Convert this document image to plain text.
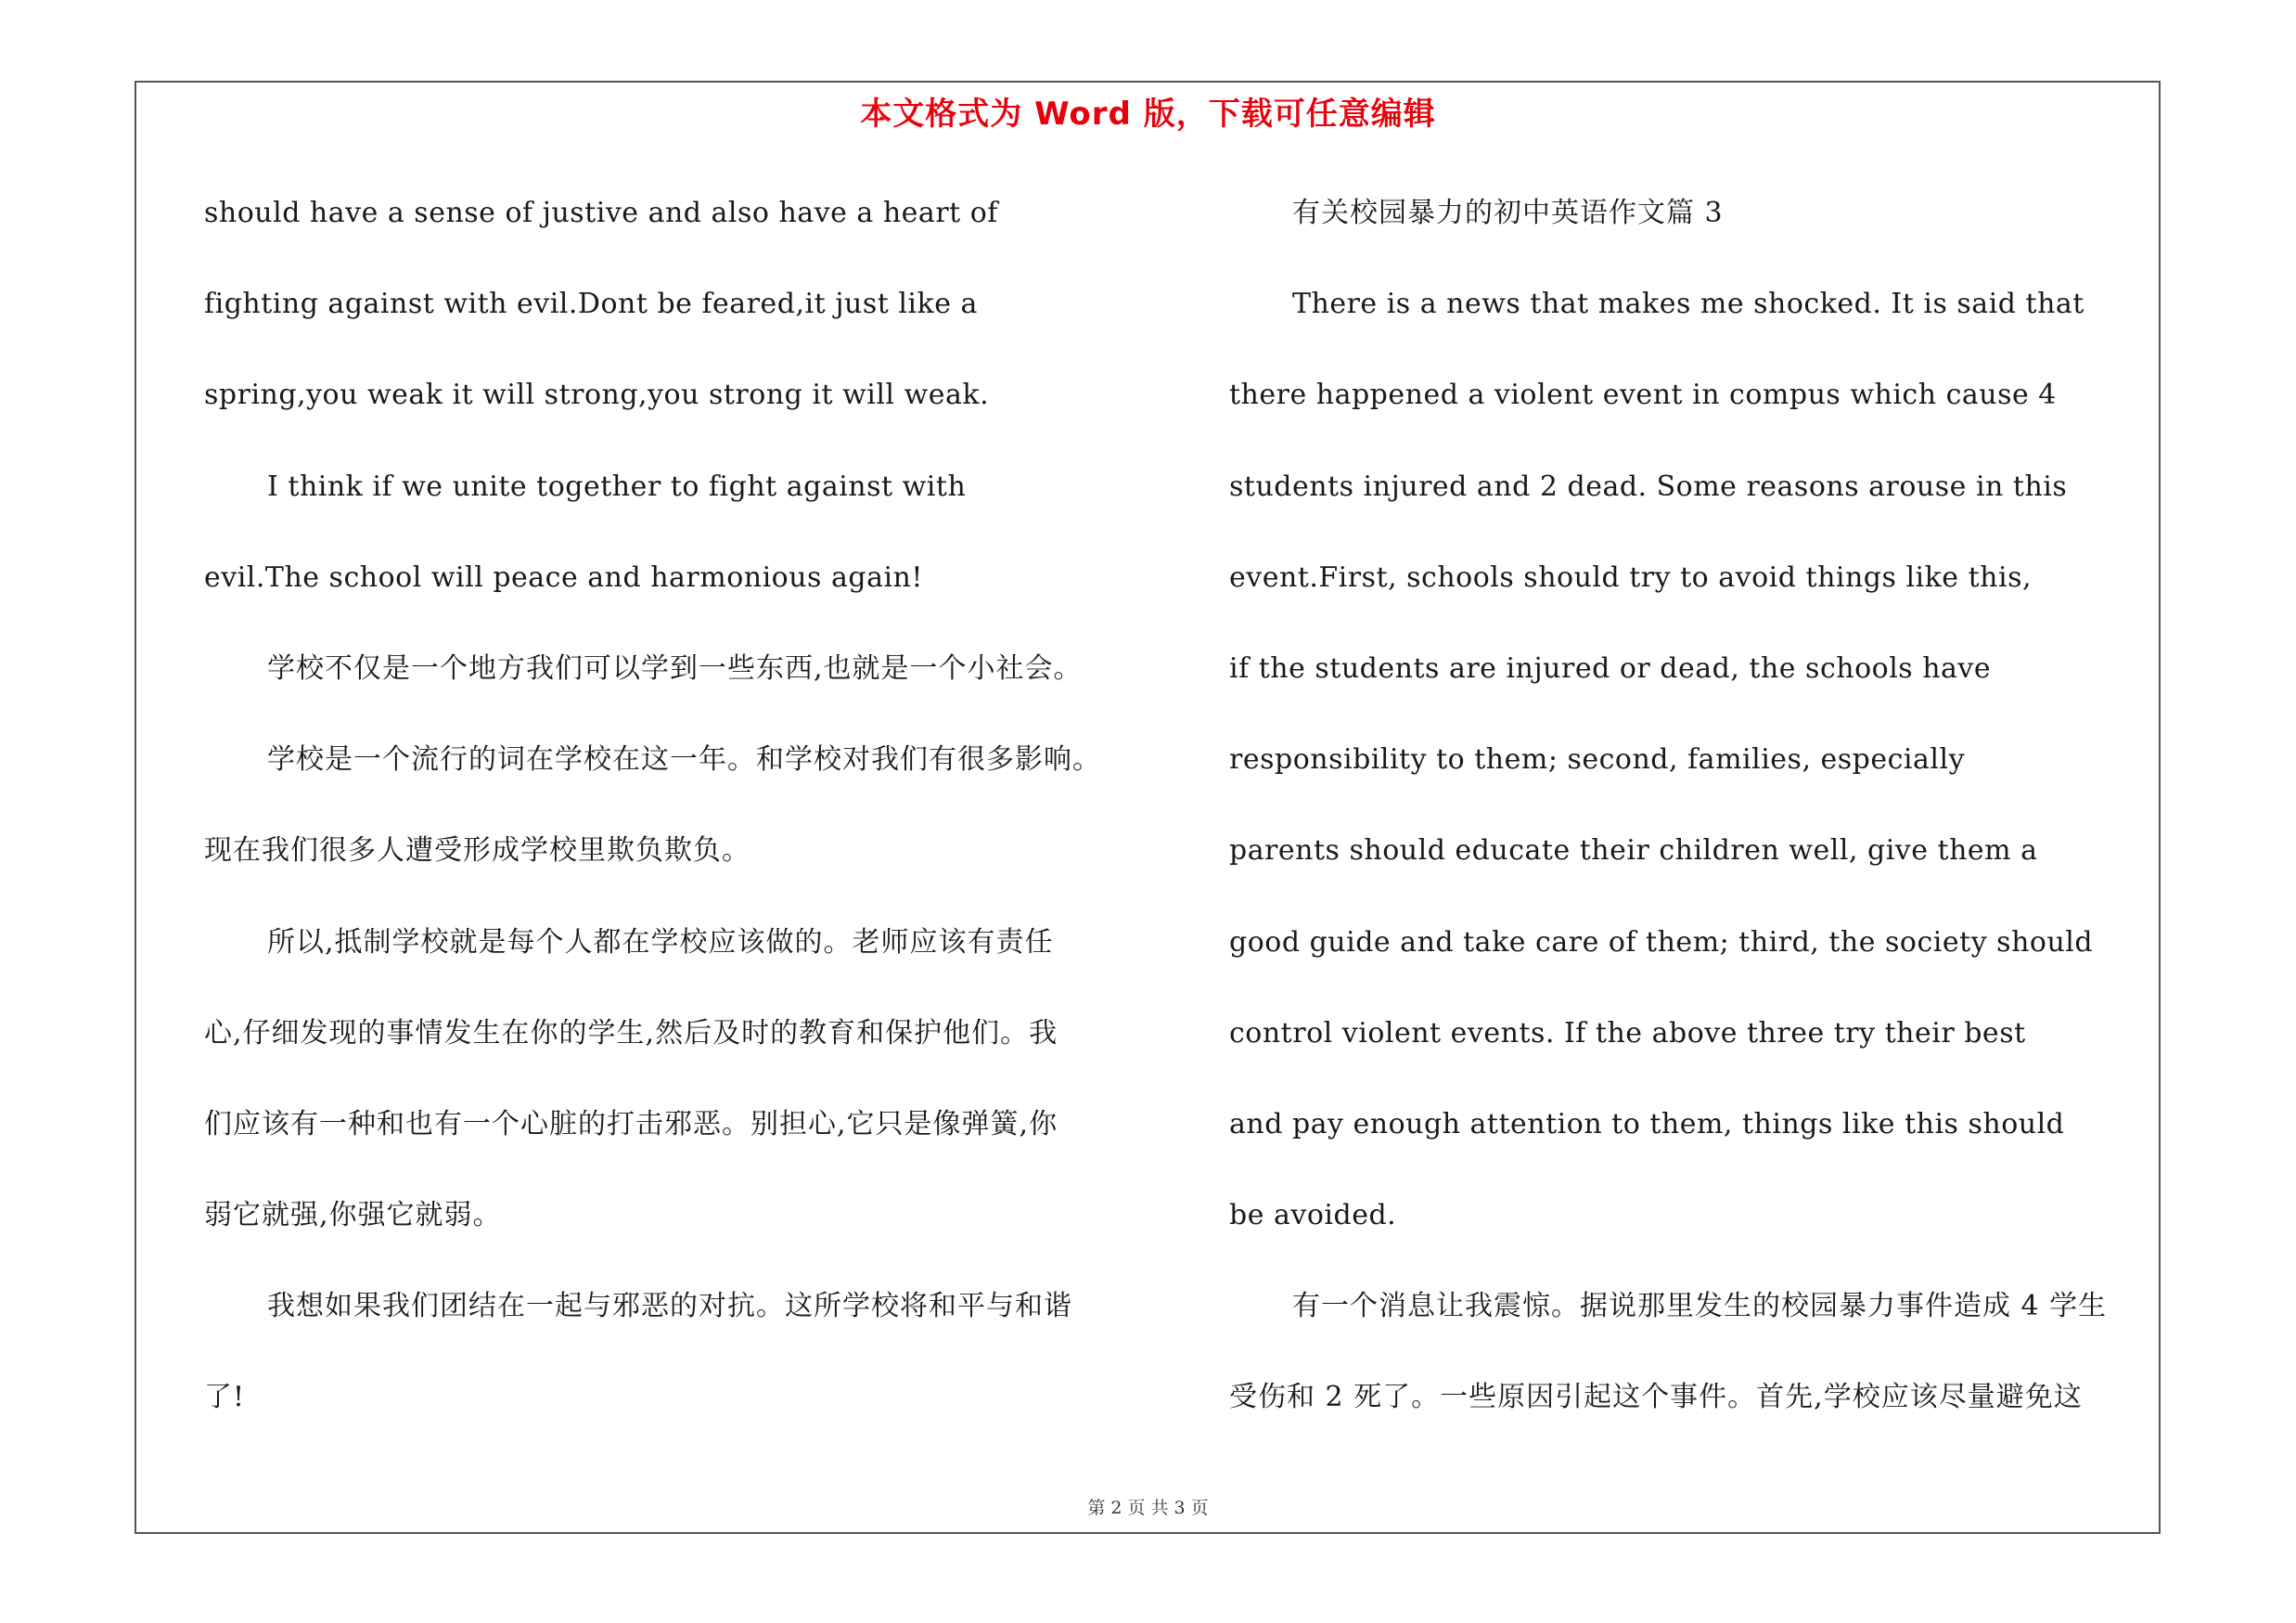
本文格式为 Word 版，下载可任意编辑
should have a sense of justive and also have a heart of
fighting against with evil.Dont be feared,it just like a
spring,you weak it will strong,you strong it will weak.
I think if we unite together to fight against with
evil.The school will peace and harmonious again!
学校不仅是一个地方我们可以学到一些东西,也就是一个小社会。
学校是一个流行的词在学校在这一年。和学校对我们有很多影响。
现在我们很多人遭受形成学校里欺负欺负。
所以,抵制学校就是每个人都在学校应该做的。老师应该有责任
心,仔细发现的事情发生在你的学生,然后及时的教育和保护他们。我
们应该有一种和也有一个心脏的打击邪恶。别担心,它只是像弹簧,你
弱它就强,你强它就弱。
我想如果我们团结在一起与邪恶的对抗。这所学校将和平与和谐
了!
有关校园暴力的初中英语作文篇 3
There is a news that makes me shocked. It is said that
there happened a violent event in compus which cause 4
students injured and 2 dead. Some reasons arouse in this
event.First, schools should try to avoid things like this,
if the students are injured or dead, the schools have
responsibility to them; second, families, especially
parents should educate their children well, give them a
good guide and take care of them; third, the society should
control violent events. If the above three try their best
and pay enough attention to them, things like this should
be avoided.
有一个消息让我震惊。据说那里发生的校园暴力事件造成 4 学生
受伤和 2 死了。一些原因引起这个事件。首先,学校应该尽量避免这
第 2 页 共 3 页
